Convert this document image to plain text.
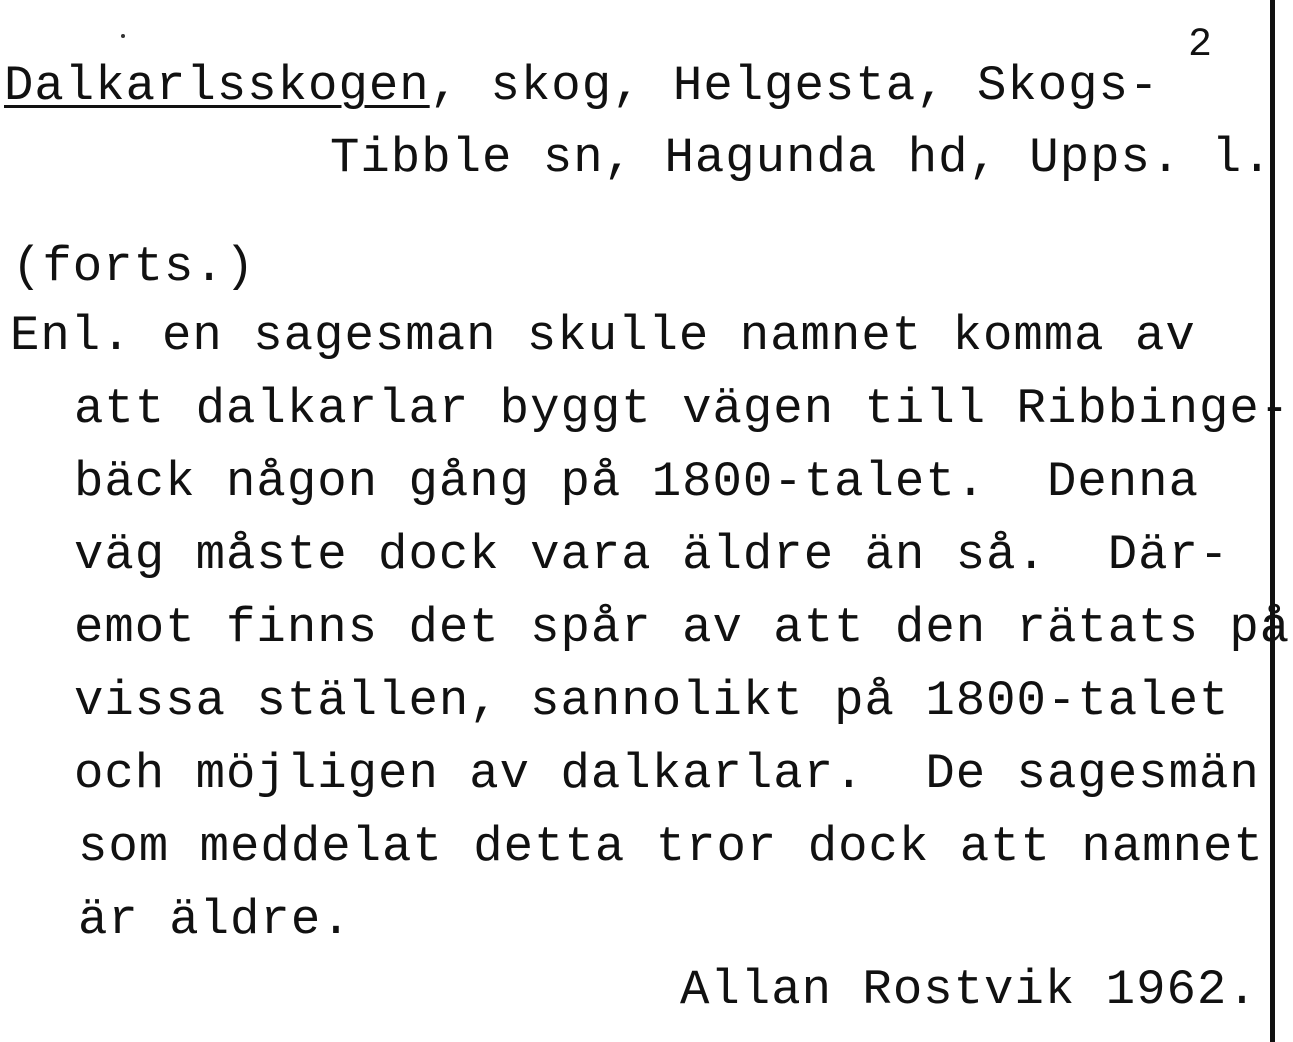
2
Dalkarlsskogen, skog, Helgesta, Skogs-
Tibble sn, Hagunda hd, Upps. l.
(forts.)
Enl. en sagesman skulle namnet komma av
att dalkarlar byggt vägen till Ribbinge-
bäck någon gång på 1800-talet.  Denna
väg måste dock vara äldre än så.  Där-
emot finns det spår av att den rätats på
vissa ställen, sannolikt på 1800-talet
och möjligen av dalkarlar.  De sagesmän
som meddelat detta tror dock att namnet
är äldre.
Allan Rostvik 1962.
